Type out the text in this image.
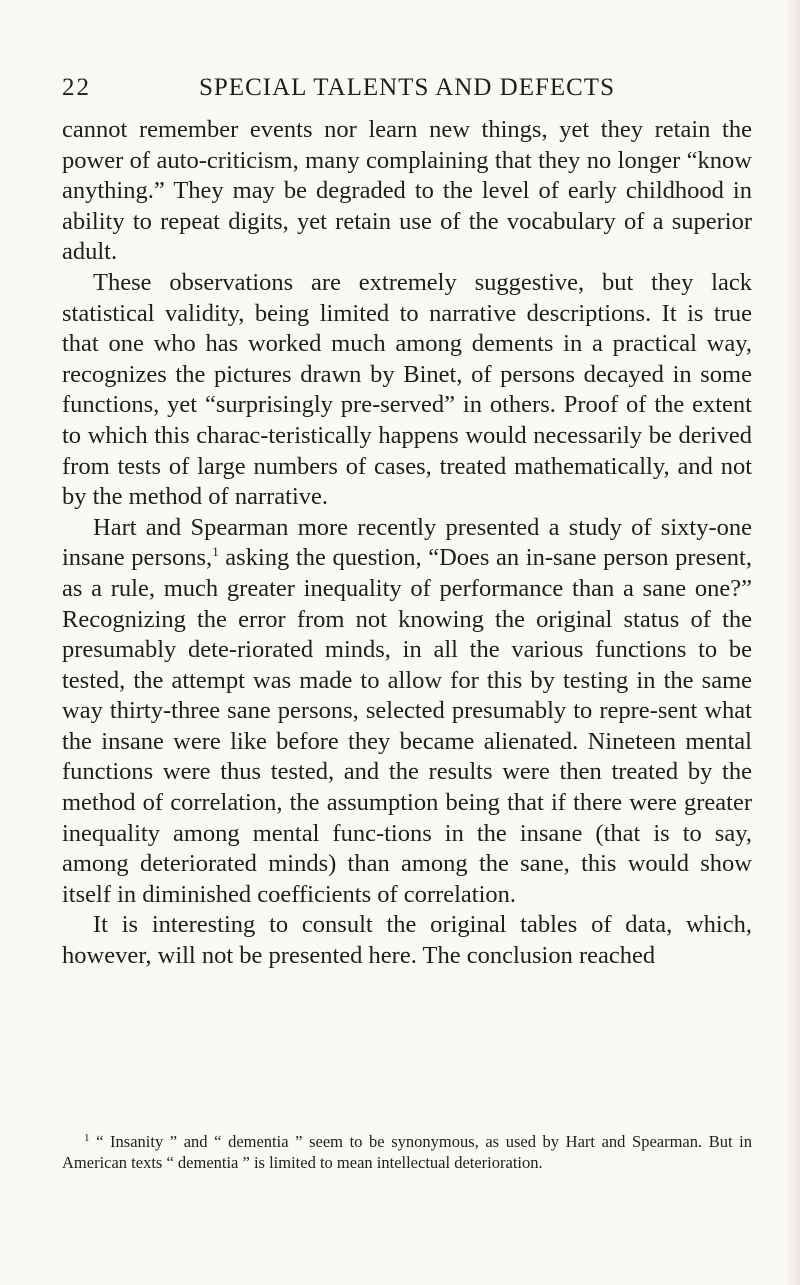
22	SPECIAL TALENTS AND DEFECTS

cannot remember events nor learn new things, yet they retain the power of auto-criticism, many complaining that they no longer “know anything.” They may be degraded to the level of early childhood in ability to repeat digits, yet retain use of the vocabulary of a superior adult.

These observations are extremely suggestive, but they lack statistical validity, being limited to narrative descriptions. It is true that one who has worked much among dements in a practical way, recognizes the pictures drawn by Binet, of persons decayed in some functions, yet “surprisingly pre-served” in others. Proof of the extent to which this charac-teristically happens would necessarily be derived from tests of large numbers of cases, treated mathematically, and not by the method of narrative.

Hart and Spearman more recently presented a study of sixty-one insane persons,$^1$ asking the question, “Does an in-sane person present, as a rule, much greater inequality of performance than a sane one?” Recognizing the error from not knowing the original status of the presumably dete-riorated minds, in all the various functions to be tested, the attempt was made to allow for this by testing in the same way thirty-three sane persons, selected presumably to repre-sent what the insane were like before they became alienated. Nineteen mental functions were thus tested, and the results were then treated by the method of correlation, the assumption being that if there were greater inequality among mental func-tions in the insane (that is to say, among deteriorated minds) than among the sane, this would show itself in diminished coefficients of correlation.

It is interesting to consult the original tables of data, which, however, will not be presented here. The conclusion reached

$^1$ “ Insanity ” and “ dementia ” seem to be synonymous, as used by Hart and Spearman. But in American texts “ dementia ” is limited to mean intellectual deterioration.
